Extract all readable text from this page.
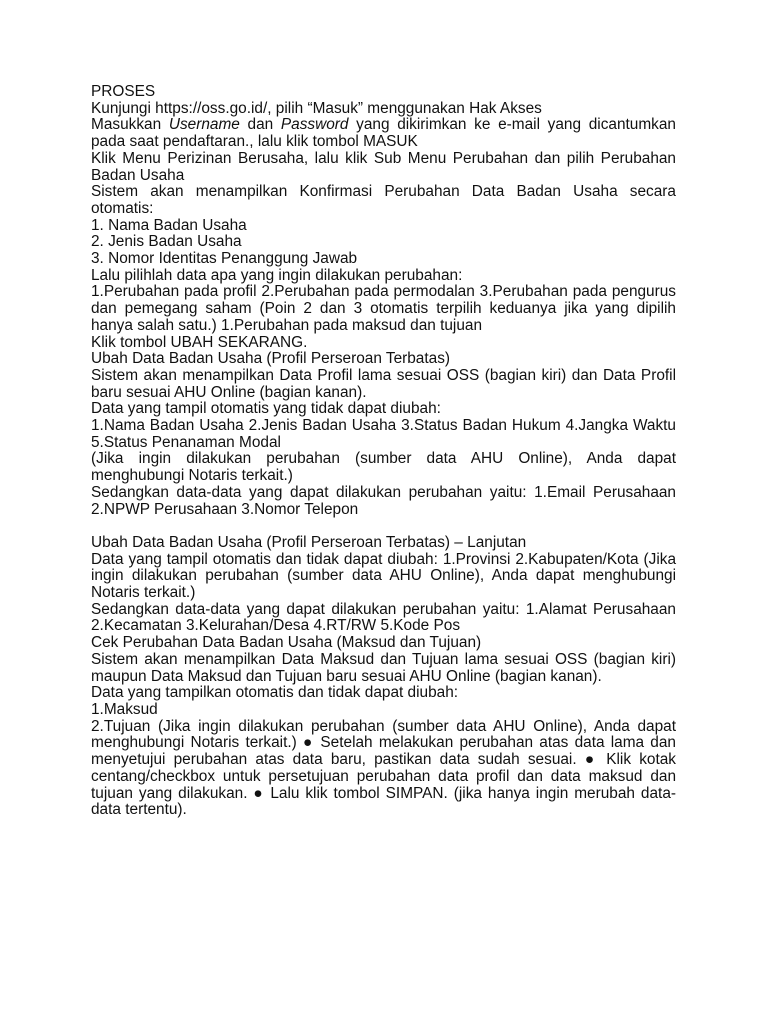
PROSES

Kunjungi https://oss.go.id/, pilih “Masuk” menggunakan Hak Akses

Masukkan Username dan Password yang dikirimkan ke e-mail yang dicantumkan pada saat pendaftaran., lalu klik tombol MASUK

Klik Menu Perizinan Berusaha, lalu klik Sub Menu Perubahan dan pilih Perubahan Badan Usaha

Sistem akan menampilkan Konfirmasi Perubahan Data Badan Usaha secara otomatis:

1. Nama Badan Usaha

2. Jenis Badan Usaha

3. Nomor Identitas Penanggung Jawab

Lalu pilihlah data apa yang ingin dilakukan perubahan:

1.Perubahan pada profil 2.Perubahan pada permodalan 3.Perubahan pada pengurus dan pemegang saham (Poin 2 dan 3 otomatis terpilih keduanya jika yang dipilih hanya salah satu.) 1.Perubahan pada maksud dan tujuan

Klik tombol UBAH SEKARANG.

Ubah Data Badan Usaha (Profil Perseroan Terbatas)

Sistem akan menampilkan Data Profil lama sesuai OSS (bagian kiri) dan Data Profil baru sesuai AHU Online (bagian kanan).

Data yang tampil otomatis yang tidak dapat diubah:

1.Nama Badan Usaha 2.Jenis Badan Usaha 3.Status Badan Hukum 4.Jangka Waktu 5.Status Penanaman Modal

(Jika ingin dilakukan perubahan (sumber data AHU Online), Anda dapat menghubungi Notaris terkait.)

Sedangkan data-data yang dapat dilakukan perubahan yaitu: 1.Email Perusahaan 2.NPWP Perusahaan 3.Nomor Telepon

Ubah Data Badan Usaha (Profil Perseroan Terbatas) – Lanjutan

Data yang tampil otomatis dan tidak dapat diubah: 1.Provinsi 2.Kabupaten/Kota (Jika ingin dilakukan perubahan (sumber data AHU Online), Anda dapat menghubungi Notaris terkait.)

Sedangkan data-data yang dapat dilakukan perubahan yaitu: 1.Alamat Perusahaan 2.Kecamatan 3.Kelurahan/Desa 4.RT/RW 5.Kode Pos

Cek Perubahan Data Badan Usaha (Maksud dan Tujuan)

Sistem akan menampilkan Data Maksud dan Tujuan lama sesuai OSS (bagian kiri) maupun Data Maksud dan Tujuan baru sesuai AHU Online (bagian kanan).

Data yang tampilkan otomatis dan tidak dapat diubah:

1.Maksud

2.Tujuan (Jika ingin dilakukan perubahan (sumber data AHU Online), Anda dapat menghubungi Notaris terkait.) ● Setelah melakukan perubahan atas data lama dan menyetujui perubahan atas data baru, pastikan data sudah sesuai. ● Klik kotak centang/checkbox untuk persetujuan perubahan data profil dan data maksud dan tujuan yang dilakukan. ● Lalu klik tombol SIMPAN. (jika hanya ingin merubah data-data tertentu).
